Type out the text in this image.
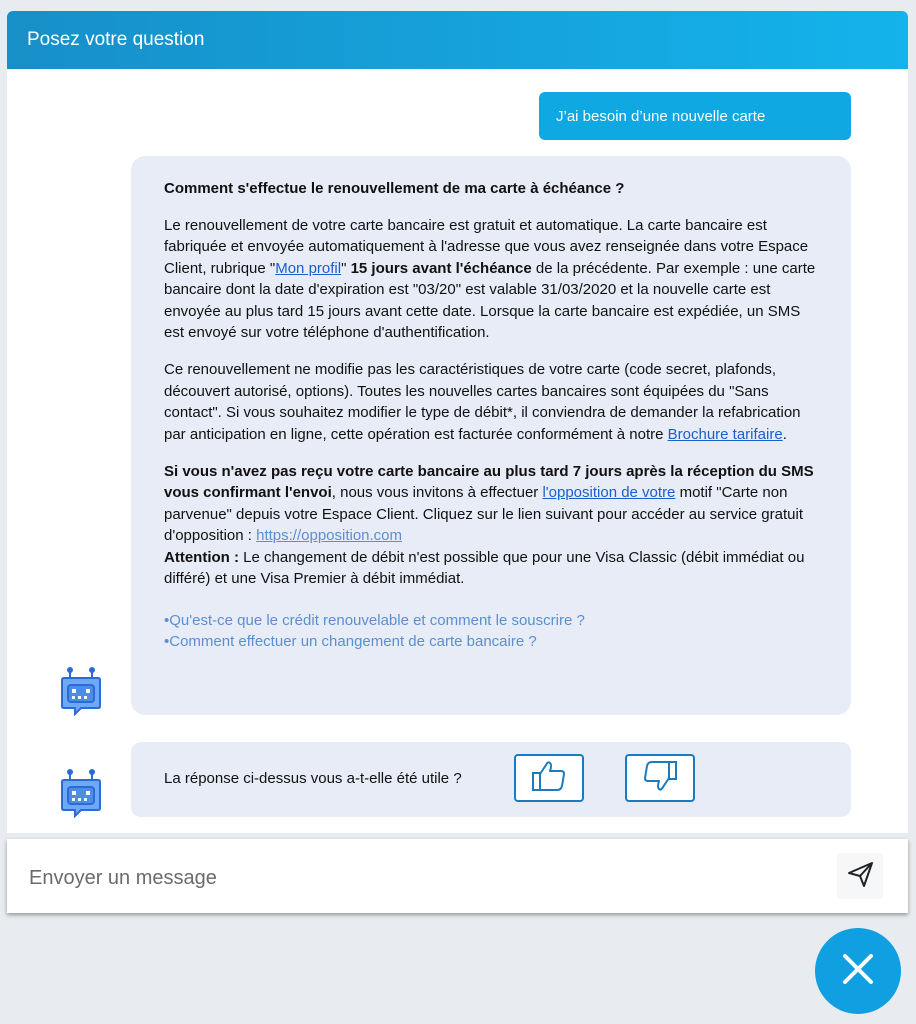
Posez votre question
J’ai besoin d’une nouvelle carte

Comment s'effectue le renouvellement de ma carte à échéance ?

Le renouvellement de votre carte bancaire est gratuit et automatique. La carte bancaire est fabriquée et envoyée automatiquement à l'adresse que vous avez renseignée dans votre Espace Client, rubrique "Mon profil" 15 jours avant l'échéance de la précédente. Par exemple : une carte bancaire dont la date d'expiration est "03/20" est valable 31/03/2020 et la nouvelle carte est envoyée au plus tard 15 jours avant cette date. Lorsque la carte bancaire est expédiée, un SMS est envoyé sur votre téléphone d'authentification.

Ce renouvellement ne modifie pas les caractéristiques de votre carte (code secret, plafonds, découvert autorisé, options). Toutes les nouvelles cartes bancaires sont équipées du "Sans contact". Si vous souhaitez modifier le type de débit*, il conviendra de demander la refabrication par anticipation en ligne, cette opération est facturée conformément à notre Brochure tarifaire.

Si vous n'avez pas reçu votre carte bancaire au plus tard 7 jours après la réception du SMS vous confirmant l'envoi, nous vous invitons à effectuer l'opposition de votre motif "Carte non parvenue" depuis votre Espace Client. Cliquez sur le lien suivant pour accéder au service gratuit d'opposition : https://opposition.com
Attention : Le changement de débit n'est possible que pour une Visa Classic (débit immédiat ou différé) et une Visa Premier à débit immédiat.

•Qu'est-ce que le crédit renouvelable et comment le souscrire ?
•Comment effectuer un changement de carte bancaire ?
La réponse ci-dessus vous a-t-elle été utile ?
Envoyer un message
